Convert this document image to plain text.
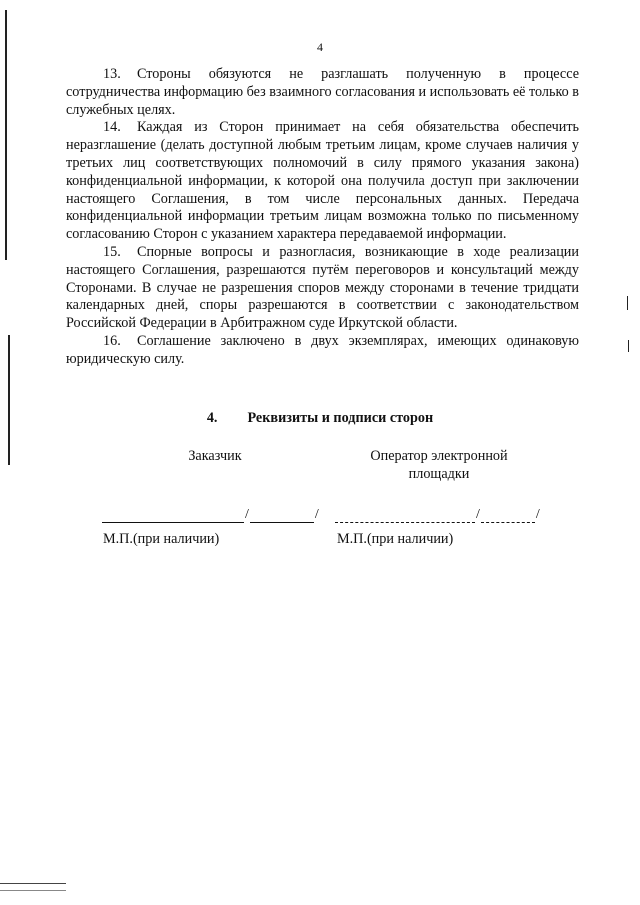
4

13. Стороны обязуются не разглашать полученную в процессе сотрудничества информацию без взаимного согласования и использовать её только в служебных целях.

14. Каждая из Сторон принимает на себя обязательства обеспечить неразглашение (делать доступной любым третьим лицам, кроме случаев наличия у третьих лиц соответствующих полномочий в силу прямого указания закона) конфиденциальной информации, к которой она получила доступ при заключении настоящего Соглашения, в том числе персональных данных. Передача конфиденциальной информации третьим лицам возможна только по письменному согласованию Сторон с указанием характера передаваемой информации.

15. Спорные вопросы и разногласия, возникающие в ходе реализации настоящего Соглашения, разрешаются путём переговоров и консультаций между Сторонами. В случае не разрешения споров между сторонами в течение тридцати календарных дней, споры разрешаются в соответствии с законодательством Российской Федерации в Арбитражном суде Иркутской области.

16. Соглашение заключено в двух экземплярах, имеющих одинаковую юридическую силу.

4. Реквизиты и подписи сторон
Заказчик	Оператор электронной
площадки
/	/	/	/
М.П.(при наличии)	М.П.(при наличии)
